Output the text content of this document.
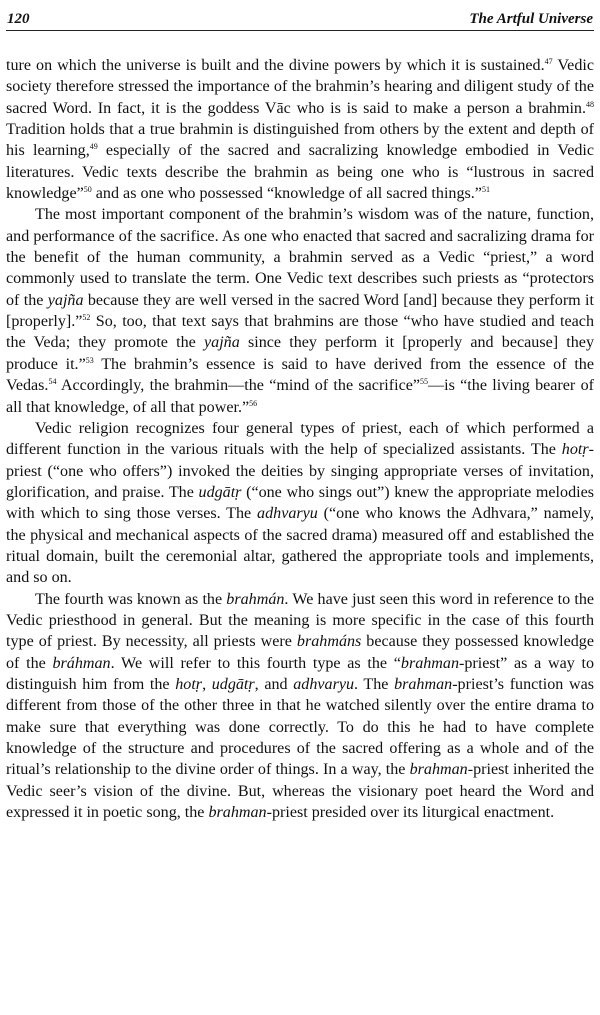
120	The Artful Universe

ture on which the universe is built and the divine powers by which it is sustained.$^{47}$ Vedic society therefore stressed the importance of the brahmin’s hearing and diligent study of the sacred Word. In fact, it is the goddess Vāc who is is said to make a person a brahmin.$^{48}$ Tradition holds that a true brahmin is distinguished from others by the extent and depth of his learning,$^{49}$ especially of the sacred and sacralizing knowledge embodied in Vedic literatures. Vedic texts describe the brahmin as being one who is “lustrous in sacred knowledge”$^{50}$ and as one who possessed “knowledge of all sacred things.”$^{51}$

The most important component of the brahmin’s wisdom was of the nature, function, and performance of the sacrifice. As one who enacted that sacred and sacralizing drama for the benefit of the human community, a brahmin served as a Vedic “priest,” a word commonly used to translate the term. One Vedic text describes such priests as “protectors of the yajña because they are well versed in the sacred Word [and] because they perform it [properly].”$^{52}$ So, too, that text says that brahmins are those “who have studied and teach the Veda; they promote the yajña since they perform it [properly and because] they produce it.”$^{53}$ The brahmin’s essence is said to have derived from the essence of the Vedas.$^{54}$ Accordingly, the brahmin—the “mind of the sacrifice”$^{55}$—is “the living bearer of all that knowledge, of all that power.”$^{56}$

Vedic religion recognizes four general types of priest, each of which performed a different function in the various rituals with the help of specialized assistants. The hotṛ-priest (“one who offers”) invoked the deities by singing appropriate verses of invitation, glorification, and praise. The udgātṛ (“one who sings out”) knew the appropriate melodies with which to sing those verses. The adhvaryu (“one who knows the Adhvara,” namely, the physical and mechanical aspects of the sacred drama) measured off and established the ritual domain, built the ceremonial altar, gathered the appropriate tools and implements, and so on.

The fourth was known as the brahmán. We have just seen this word in reference to the Vedic priesthood in general. But the meaning is more specific in the case of this fourth type of priest. By necessity, all priests were brahmáns because they possessed knowledge of the bráhman. We will refer to this fourth type as the “brahman-priest” as a way to distinguish him from the hotṛ, udgātṛ, and adhvaryu. The brahman-priest’s function was different from those of the other three in that he watched silently over the entire drama to make sure that everything was done correctly. To do this he had to have complete knowledge of the structure and procedures of the sacred offering as a whole and of the ritual’s relationship to the divine order of things. In a way, the brahman-priest inherited the Vedic seer’s vision of the divine. But, whereas the visionary poet heard the Word and expressed it in poetic song, the brahman-priest presided over its liturgical enactment.
